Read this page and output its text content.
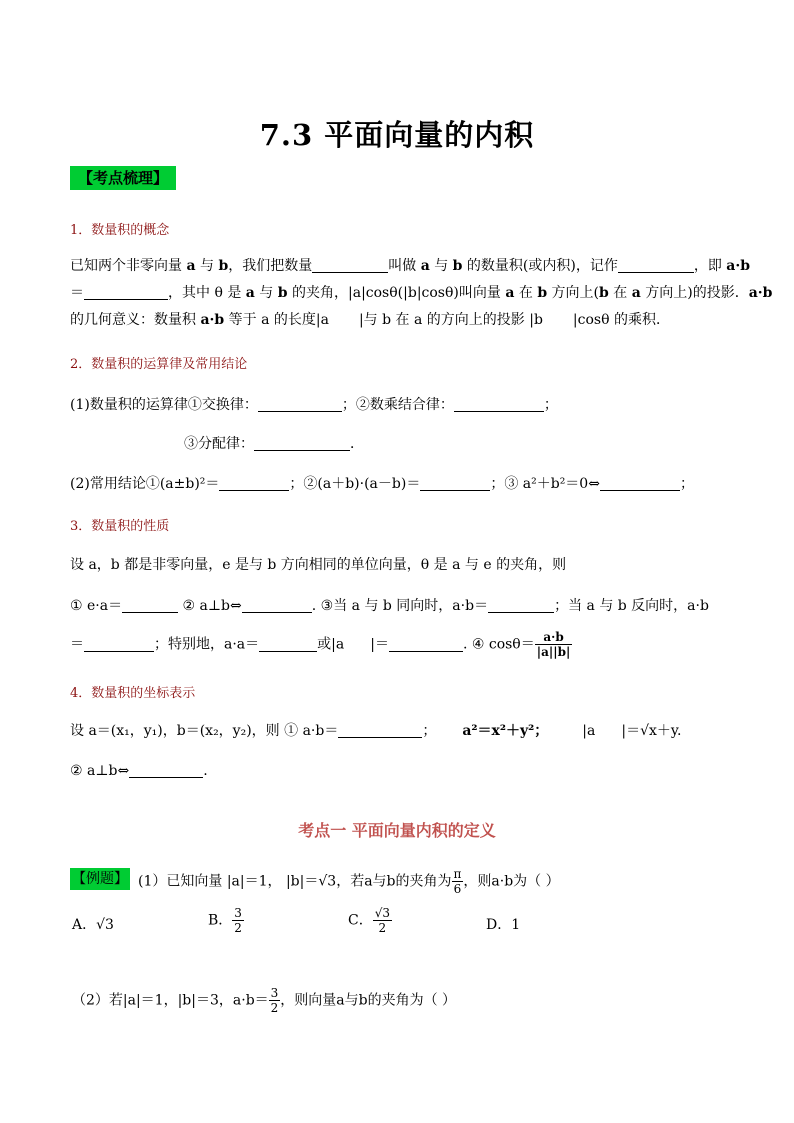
7.3 平面向量的内积
【考点梳理】
1．数量积的概念
已知两个非零向量 a 与 b，我们把数量	叫做 a 与 b 的数量积(或内积)，记作	，即 a·b
＝	，其中 θ 是 a 与 b 的夹角，|a|cosθ(|b|cosθ)叫向量 a 在 b 方向上(b 在 a 方向上)的投影．a·b
的几何意义：数量积 a·b 等于 a 的长度|a |与 b 在 a 的方向上的投影 |b |cosθ 的乘积．
2．数量积的运算律及常用结论
(1)数量积的运算律①交换律：	；②数乘结合律：	；
③分配律：	．
(2)常用结论①(a±b)²＝	；②(a＋b)·(a－b)＝	；③ a²＋b²＝0⇔	；
3．数量积的性质
设 a，b 都是非零向量，e 是与 b 方向相同的单位向量，θ 是 a 与 e 的夹角，则
① e·a＝	② a⊥b⇔	. ③当 a 与 b 同向时，a·b＝	；当 a 与 b 反向时，a·b
＝	；特别地，a·a＝	或|a |＝	. ④ $\cos\theta= \frac{a\cdot b}{|a||b|}$
4．数量积的坐标表示
设 a＝(x₁，y₁)，b＝(x₂，y₂)，则 ① a·b＝	； a²＝x²＋y²； |a |＝√x＋y.
② a⊥b⇔	.
考点一 平面向量内积的定义
【例题】 (1）已知向量 |a|＝1， |b|＝√3，若a与b的夹角为 $\frac{\pi}{6}$ ，则a·b为（ ）
A．√3	B． $\frac{3}{2}$	C． $\frac{√3}{2}$	D．1
（2）若|a|＝1，|b|＝3，$a\cdot b= \frac{3}{2}$ ，则向量a与b的夹角为（ ）
